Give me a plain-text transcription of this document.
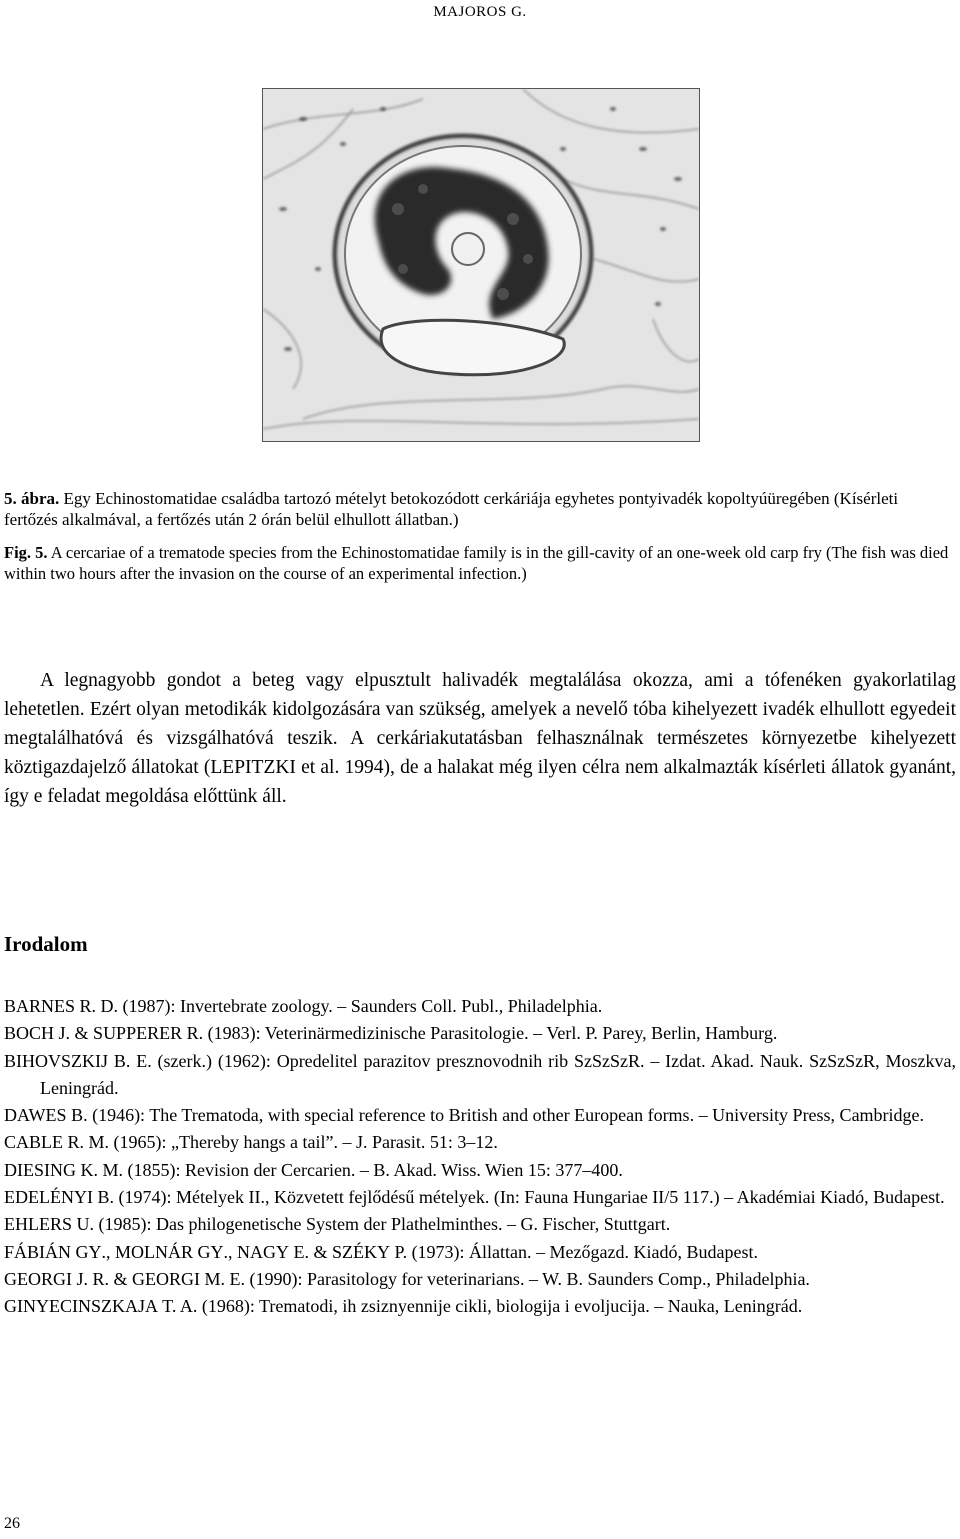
MAJOROS G.
5. ábra. Egy Echinostomatidae családba tartozó mételyt betokozódott cerkáriája egyhetes pontyivadék kopoltyúüregében (Kísérleti fertőzés alkalmával, a fertőzés után 2 órán belül elhullott állatban.)
Fig. 5. A cercariae of a trematode species from the Echinostomatidae family is in the gill-cavity of an one-week old carp fry (The fish was died within two hours after the invasion on the course of an experimental infection.)

A legnagyobb gondot a beteg vagy elpusztult halivadék megtalálása okozza, ami a tófenéken gyakorlatilag lehetetlen. Ezért olyan metodikák kidolgozására van szükség, amelyek a nevelő tóba kihelyezett ivadék elhullott egyedeit megtalálhatóvá és vizsgálhatóvá teszik. A cerkáriakutatásban felhasználnak természetes környezetbe kihelyezett köztigazdajelző állatokat (LEPITZKI et al. 1994), de a halakat még ilyen célra nem alkalmazták kísérleti állatok gyanánt, így e feladat megoldása előttünk áll.

Irodalom
BARNES R. D. (1987): Invertebrate zoology. – Saunders Coll. Publ., Philadelphia.
BOCH J. & SUPPERER R. (1983): Veterinärmedizinische Parasitologie. – Verl. P. Parey, Berlin, Hamburg.
BIHOVSZKIJ B. E. (szerk.) (1962): Opredelitel parazitov presznovodnih rib SzSzSzR. – Izdat. Akad. Nauk. SzSzSzR, Moszkva, Leningrád.
DAWES B. (1946): The Trematoda, with special reference to British and other European forms. – University Press, Cambridge.
CABLE R. M. (1965): „Thereby hangs a tail”. – J. Parasit. 51: 3–12.
DIESING K. M. (1855): Revision der Cercarien. – B. Akad. Wiss. Wien 15: 377–400.
EDELÉNYI B. (1974): Mételyek II., Közvetett fejlődésű mételyek. (In: Fauna Hungariae II/5 117.) – Akadémiai Kiadó, Budapest.
EHLERS U. (1985): Das philogenetische System der Plathelminthes. – G. Fischer, Stuttgart.
FÁBIÁN GY., MOLNÁR GY., NAGY E. & SZÉKY P. (1973): Állattan. – Mezőgazd. Kiadó, Budapest.
GEORGI J. R. & GEORGI M. E. (1990): Parasitology for veterinarians. – W. B. Saunders Comp., Philadelphia.
GINYECINSZKAJA T. A. (1968): Trematodi, ih zsiznyennije cikli, biologija i evoljucija. – Nauka, Leningrád.
26
